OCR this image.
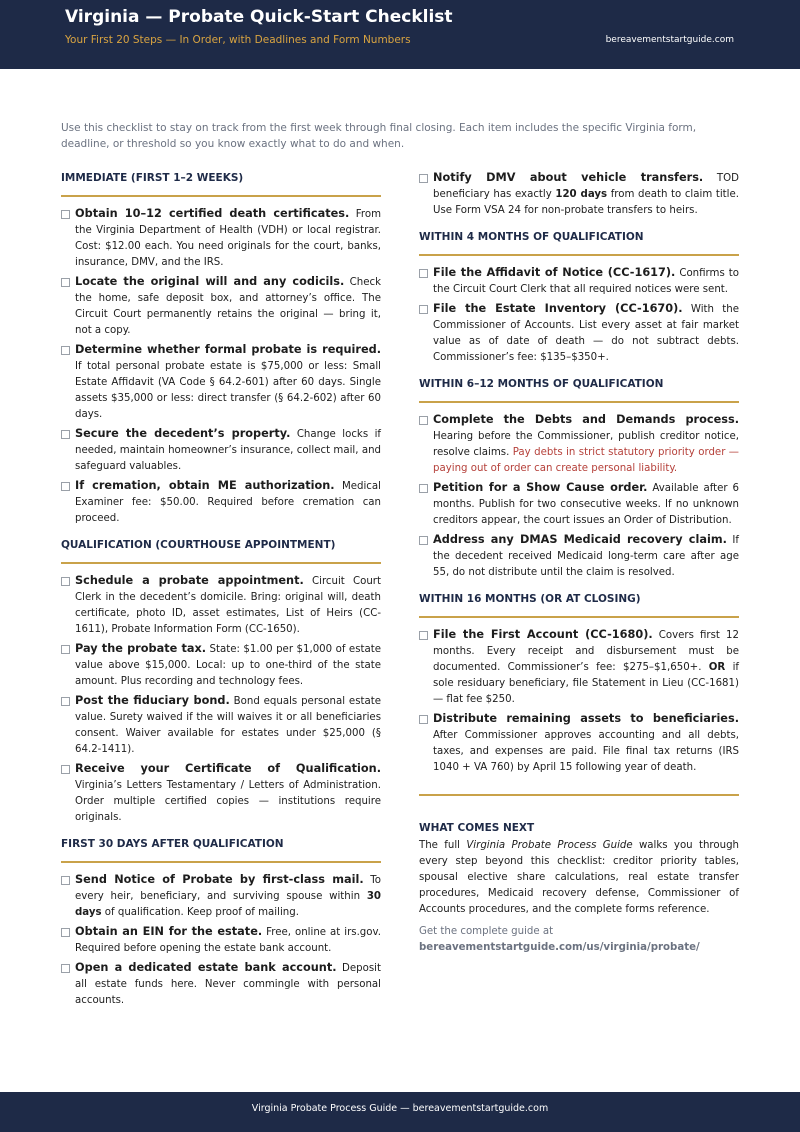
Virginia — Probate Quick-Start Checklist
Your First 20 Steps — In Order, with Deadlines and Form Numbers	bereavementstartguide.com
Use this checklist to stay on track from the first week through final closing. Each item includes the specific Virginia form, deadline, or threshold so you know exactly what to do and when.
IMMEDIATE (FIRST 1–2 WEEKS)
Obtain 10–12 certified death certificates. From the Virginia Department of Health (VDH) or local registrar. Cost: $12.00 each. You need originals for the court, banks, insurance, DMV, and the IRS.
Locate the original will and any codicils. Check the home, safe deposit box, and attorney’s office. The Circuit Court permanently retains the original — bring it, not a copy.
Determine whether formal probate is required. If total personal probate estate is $75,000 or less: Small Estate Affidavit (VA Code § 64.2-601) after 60 days. Single assets $35,000 or less: direct transfer (§ 64.2-602) after 60 days.
Secure the decedent’s property. Change locks if needed, maintain homeowner’s insurance, collect mail, and safeguard valuables.
If cremation, obtain ME authorization. Medical Examiner fee: $50.00. Required before cremation can proceed.
QUALIFICATION (COURTHOUSE APPOINTMENT)
Schedule a probate appointment. Circuit Court Clerk in the decedent’s domicile. Bring: original will, death certificate, photo ID, asset estimates, List of Heirs (CC-1611), Probate Information Form (CC-1650).
Pay the probate tax. State: $1.00 per $1,000 of estate value above $15,000. Local: up to one-third of the state amount. Plus recording and technology fees.
Post the fiduciary bond. Bond equals personal estate value. Surety waived if the will waives it or all beneficiaries consent. Waiver available for estates under $25,000 (§ 64.2-1411).
Receive your Certificate of Qualification. Virginia’s Letters Testamentary / Letters of Administration. Order multiple certified copies — institutions require originals.
FIRST 30 DAYS AFTER QUALIFICATION
Send Notice of Probate by first-class mail. To every heir, beneficiary, and surviving spouse within 30 days of qualification. Keep proof of mailing.
Obtain an EIN for the estate. Free, online at irs.gov. Required before opening the estate bank account.
Open a dedicated estate bank account. Deposit all estate funds here. Never commingle with personal accounts.
Notify DMV about vehicle transfers. TOD beneficiary has exactly 120 days from death to claim title. Use Form VSA 24 for non-probate transfers to heirs.
WITHIN 4 MONTHS OF QUALIFICATION
File the Affidavit of Notice (CC-1617). Confirms to the Circuit Court Clerk that all required notices were sent.
File the Estate Inventory (CC-1670). With the Commissioner of Accounts. List every asset at fair market value as of date of death — do not subtract debts. Commissioner’s fee: $135–$350+.
WITHIN 6–12 MONTHS OF QUALIFICATION
Complete the Debts and Demands process. Hearing before the Commissioner, publish creditor notice, resolve claims. Pay debts in strict statutory priority order — paying out of order can create personal liability.
Petition for a Show Cause order. Available after 6 months. Publish for two consecutive weeks. If no unknown creditors appear, the court issues an Order of Distribution.
Address any DMAS Medicaid recovery claim. If the decedent received Medicaid long-term care after age 55, do not distribute until the claim is resolved.
WITHIN 16 MONTHS (OR AT CLOSING)
File the First Account (CC-1680). Covers first 12 months. Every receipt and disbursement must be documented. Commissioner’s fee: $275–$1,650+. OR if sole residuary beneficiary, file Statement in Lieu (CC-1681) — flat fee $250.
Distribute remaining assets to beneficiaries. After Commissioner approves accounting and all debts, taxes, and expenses are paid. File final tax returns (IRS 1040 + VA 760) by April 15 following year of death.
WHAT COMES NEXT
The full Virginia Probate Process Guide walks you through every step beyond this checklist: creditor priority tables, spousal elective share calculations, real estate transfer procedures, Medicaid recovery defense, Commissioner of Accounts procedures, and the complete forms reference.
Get the complete guide at
bereavementstartguide.com/us/virginia/probate/
Virginia Probate Process Guide — bereavementstartguide.com
